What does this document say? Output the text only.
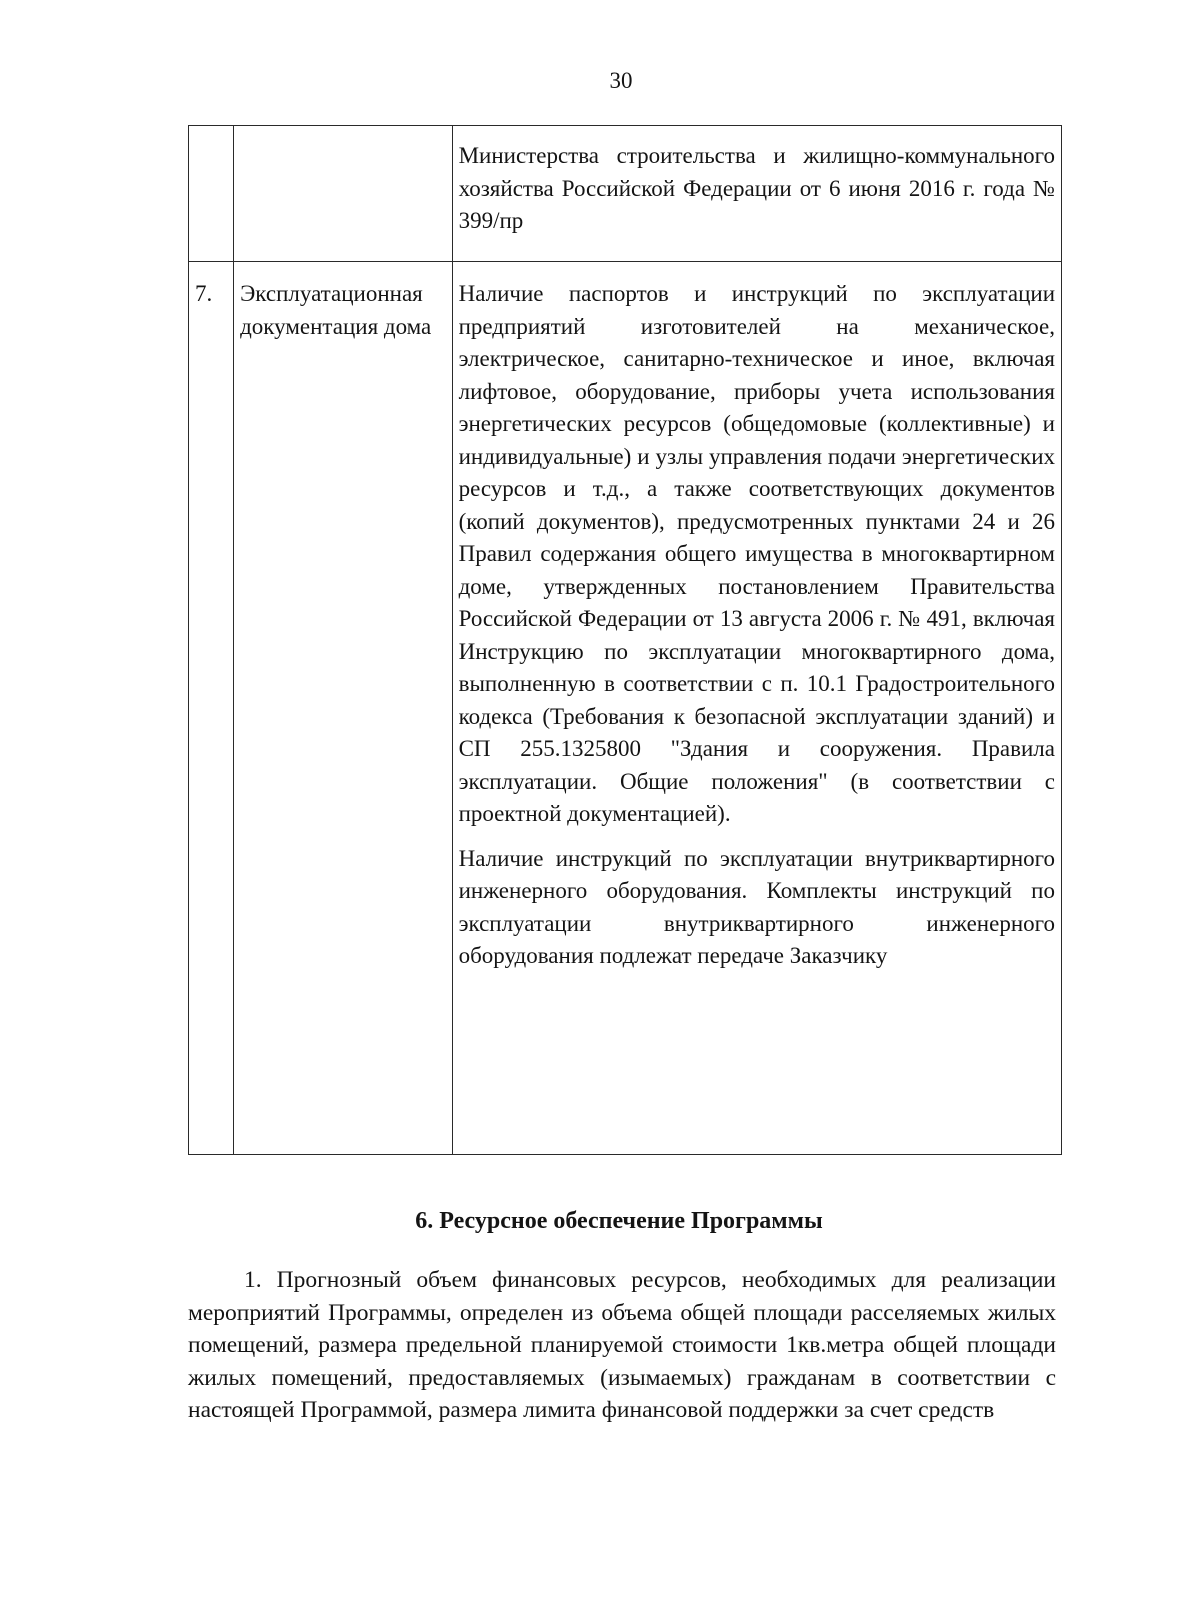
30
		Министерства строительства и жилищно-коммунального хозяйства Российской Федерации от 6 июня 2016 г. года № 399/пр
7.	Эксплуатационная документация дома	Наличие паспортов и инструкций по эксплуатации предприятий изготовителей на механическое, электрическое, санитарно-техническое и иное, включая лифтовое, оборудование, приборы учета использования энергетических ресурсов (общедомовые (коллективные) и индивидуальные) и узлы управления подачи энергетических ресурсов и т.д., а также соответствующих документов (копий документов), предусмотренных пунктами 24 и 26 Правил содержания общего имущества в многоквартирном доме, утвержденных постановлением Правительства Российской Федерации от 13 августа 2006 г. № 491, включая Инструкцию по эксплуатации многоквартирного дома, выполненную в соответствии с п. 10.1 Градостроительного кодекса (Требования к безопасной эксплуатации зданий) и СП 255.1325800 "Здания и сооружения. Правила эксплуатации. Общие положения" (в соответствии с проектной документацией).
Наличие инструкций по эксплуатации внутриквартирного инженерного оборудования. Комплекты инструкций по эксплуатации внутриквартирного инженерного оборудования подлежат передаче Заказчику
6. Ресурсное обеспечение Программы
1. Прогнозный объем финансовых ресурсов, необходимых для реализации мероприятий Программы, определен из объема общей площади расселяемых жилых помещений, размера предельной планируемой стоимости 1кв.метра общей площади жилых помещений, предоставляемых (изымаемых) гражданам в соответствии с настоящей Программой, размера лимита финансовой поддержки за счет средств
